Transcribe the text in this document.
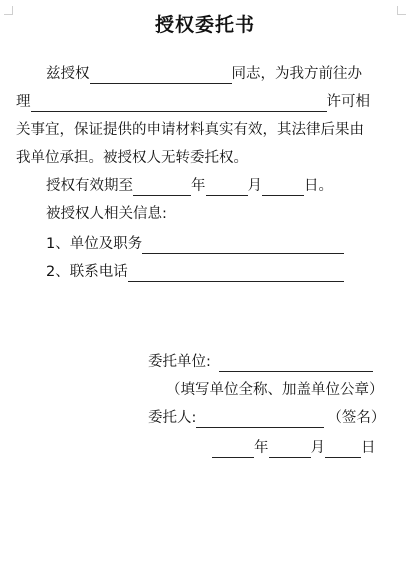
授权委托书
兹授权	同志，为我方前往办
理	许可相
关事宜，保证提供的申请材料真实有效，其法律后果由
我单位承担。被授权人无转委托权。
授权有效期至	年	月	日。
被授权人相关信息:
1、单位及职务
2、联系电话
委托单位:
（填写单位全称、加盖单位公章）
委托人:	（签名）
年	月 日
